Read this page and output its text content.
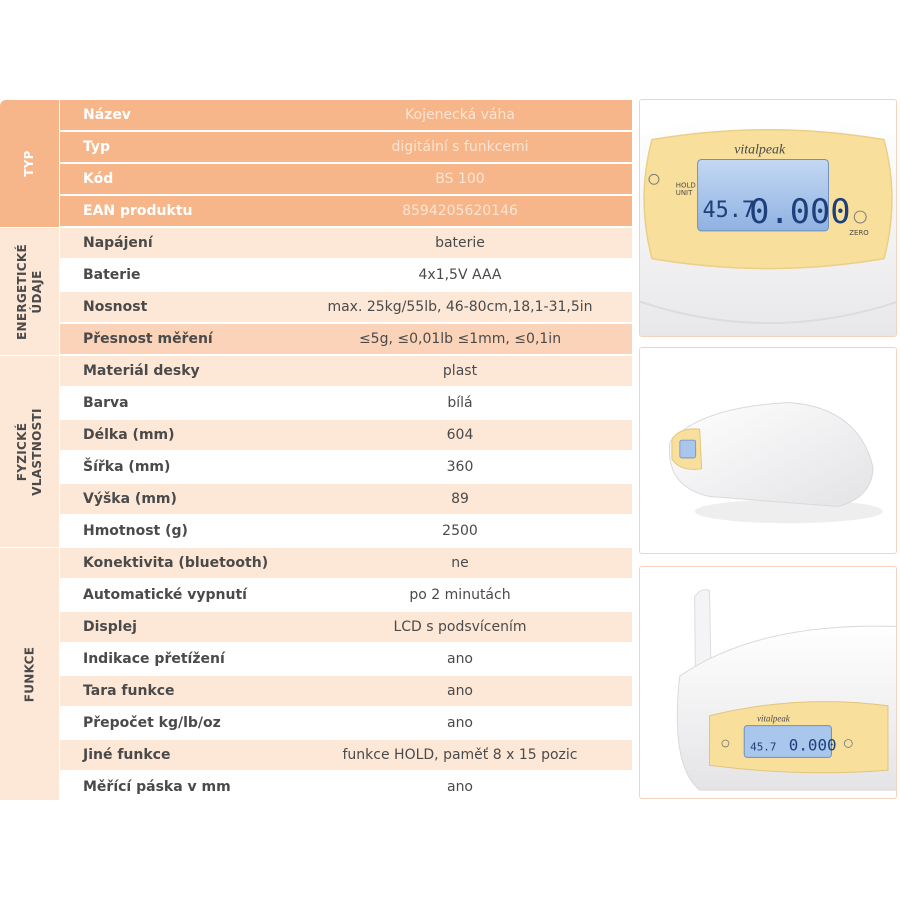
TYP
ENERGETICKÉ ÚDAJE
FYZICKÉ VLASTNOSTI
FUNKCE
Název	Kojenecká váha
Typ	digitální s funkcemi
Kód	BS 100
EAN produktu	8594205620146
Napájení	baterie
Baterie	4x1,5V AAA
Nosnost	max. 25kg/55lb, 46-80cm,18,1-31,5in
Přesnost měření	≤5g, ≤0,01lb ≤1mm, ≤0,1in
Materiál desky	plast
Barva	bílá
Délka (mm)	604
Šířka (mm)	360
Výška (mm)	89
Hmotnost (g)	2500
Konektivita (bluetooth)	ne
Automatické vypnutí	po 2 minutách
Displej	LCD s podsvícením
Indikace přetížení	ano
Tara funkce	ano
Přepočet kg/lb/oz	ano
Jiné funkce	funkce HOLD, paměť 8 x 15 pozic
Měřící páska v mm	ano
vitalpeak
45.7
0.000
HOLD
UNIT
ZERO
0.000
45.7
vitalpeak
